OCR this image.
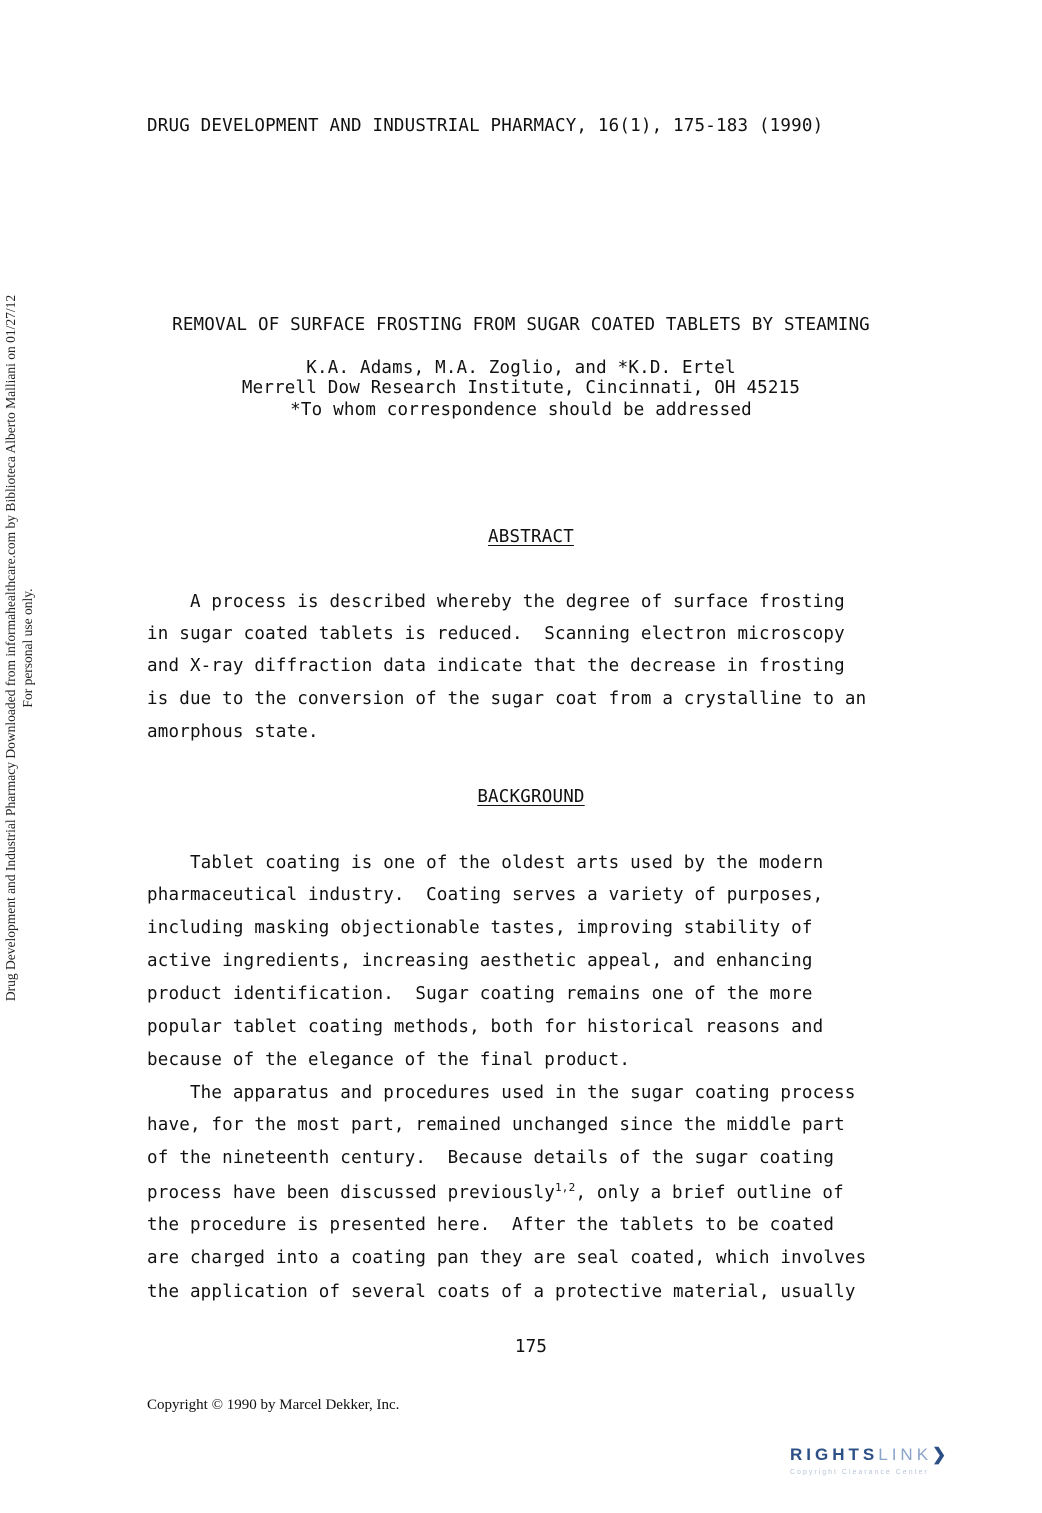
Drug Development and Industrial Pharmacy Downloaded from informahealthcare.com by Biblioteca Alberto Malliani on 01/27/12 For personal use only.
DRUG DEVELOPMENT AND INDUSTRIAL PHARMACY, 16(1), 175-183 (1990)
REMOVAL OF SURFACE FROSTING FROM SUGAR COATED TABLETS BY STEAMING
K.A. Adams, M.A. Zoglio, and *K.D. Ertel
Merrell Dow Research Institute, Cincinnati, OH 45215
*To whom correspondence should be addressed
ABSTRACT
A process is described whereby the degree of surface frosting
in sugar coated tablets is reduced.  Scanning electron microscopy
and X-ray diffraction data indicate that the decrease in frosting
is due to the conversion of the sugar coat from a crystalline to an
amorphous state.
BACKGROUND
Tablet coating is one of the oldest arts used by the modern
pharmaceutical industry.  Coating serves a variety of purposes,
including masking objectionable tastes, improving stability of
active ingredients, increasing aesthetic appeal, and enhancing
product identification.  Sugar coating remains one of the more
popular tablet coating methods, both for historical reasons and
because of the elegance of the final product.
The apparatus and procedures used in the sugar coating process
have, for the most part, remained unchanged since the middle part
of the nineteenth century.  Because details of the sugar coating
process have been discussed previously$^{1,2}$, only a brief outline of
the procedure is presented here.  After the tablets to be coated
are charged into a coating pan they are seal coated, which involves
the application of several coats of a protective material, usually
175
Copyright © 1990 by Marcel Dekker, Inc.
RIGHTSLINK❯
Copyright Clearance Center
